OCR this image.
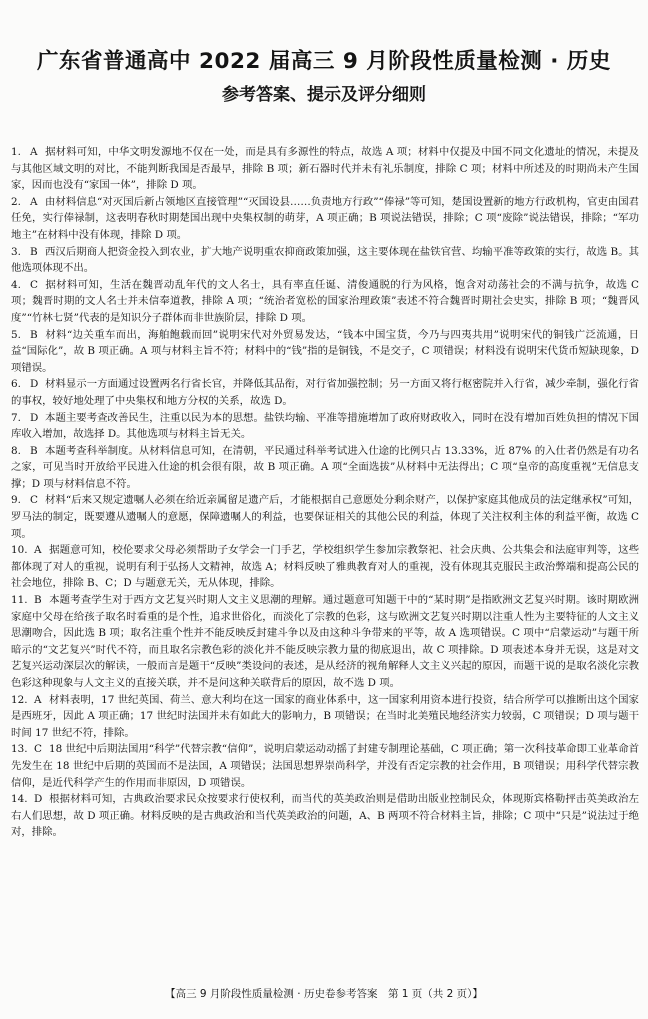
广东省普通高中 2022 届高三 9 月阶段性质量检测 · 历史
参考答案、提示及评分细则

1. A 据材料可知，中华文明发源地不仅在一处，而是具有多源性的特点，故选 A 项；材料中仅提及中国不同文化遗址的情况，未提及与其他区域文明的对比，不能判断我国是否最早，排除 B 项；新石器时代并未有礼乐制度，排除 C 项；材料中所述及的时期尚未产生国家，因而也没有“家国一体”，排除 D 项。

2. A 由材料信息“对灭国后新占领地区直接管理”“灭国设县……负责地方行政”“俸禄”等可知，楚国设置新的地方行政机构，官吏由国君任免，实行俸禄制，这表明春秋时期楚国出现中央集权制的萌芽，A 项正确；B 项说法错误，排除；C 项“废除”说法错误，排除；“军功地主”在材料中没有体现，排除 D 项。

3. B 西汉后期商人把资金投入到农业，扩大地产说明重农抑商政策加强，这主要体现在盐铁官营、均输平准等政策的实行，故选 B。其他选项体现不出。

4. C 据材料可知，生活在魏晋动乱年代的文人名士，具有率直任诞、清俊通脱的行为风格，饱含对动荡社会的不满与抗争，故选 C 项；魏晋时期的文人名士并未信奉道教，排除 A 项；“统治者宽松的国家治理政策”表述不符合魏晋时期社会史实，排除 B 项；“魏晋风度”“竹林七贤”代表的是知识分子群体而非世族阶层，排除 D 项。

5. B 材料“边关重车而出，海舶飽载而回”说明宋代对外贸易发达，“钱本中国宝货，今乃与四夷共用”说明宋代的铜钱广泛流通，日益“国际化”，故 B 项正确。A 项与材料主旨不符；材料中的“钱”指的是铜钱，不是交子，C 项错误；材料没有说明宋代货币短缺现象，D 项错误。

6. D 材料显示一方面通过设置两名行省长官，并降低其品衔，对行省加强控制；另一方面又将行枢密院并入行省，减少牵制，强化行省的事权，较好地处理了中央集权和地方分权的关系，故选 D。

7. D 本题主要考查改善民生，注重以民为本的思想。盐铁均输、平准等措施增加了政府财政收入，同时在没有增加百姓负担的情况下国库收入增加，故选择 D。其他选项与材料主旨无关。

8. B 本题考查科举制度。从材料信息可知，在清朝，平民通过科举考试进入仕途的比例只占 13.33%，近 87% 的入仕者仍然是有功名之家，可见当时开放给平民进入仕途的机会很有限，故 B 项正确。A 项“全面选拔”从材料中无法得出；C 项“皇帝的高度重视”无信息支撑；D 项与材料信息不符。

9. C 材料“后来又规定遗嘱人必须在给近亲属留足遗产后，才能根据自己意愿处分剩余财产，以保护家庭其他成员的法定继承权”可知，罗马法的制定，既要遵从遗嘱人的意愿，保障遗嘱人的利益，也要保证相关的其他公民的利益，体现了关注权利主体的利益平衡，故选 C 项。

10. A 据题意可知，校伦要求父母必须帮助子女学会一门手艺，学校组织学生参加宗教祭祀、社会庆典、公共集会和法庭审判等，这些都体现了对人的重视，说明有利于弘扬人文精神，故选 A；材料反映了雅典教育对人的重视，没有体现其克服民主政治弊端和提高公民的社会地位，排除 B、C；D 与题意无关，无从体现，排除。

11. B 本题考查学生对于西方文艺复兴时期人文主义思潮的理解。通过题意可知题干中的“某时期”是指欧洲文艺复兴时期。该时期欧洲家庭中父母在给孩子取名时看重的是个性，追求世俗化，而淡化了宗教的色彩，这与欧洲文艺复兴时期以注重人性为主要特征的人文主义思潮吻合，因此选 B 项；取名注重个性并不能反映反封建斗争以及由这种斗争带来的平等，故 A 选项错误。C 项中“启蒙运动”与题干所暗示的“文艺复兴”时代不符，而且取名宗教色彩的淡化并不能反映宗教力量的彻底退出，故 C 项排除。D 项表述本身并无误，这是对文艺复兴运动深层次的解读，一般而言是题干“反映”类设问的表述，是从经济的视角解释人文主义兴起的原因，而题干说的是取名淡化宗教色彩这种现象与人文主义的直接关联，并不是问这种关联背后的原因，故不选 D 项。

12. A 材料表明，17 世纪英国、荷兰、意大利均在这一国家的商业体系中，这一国家利用资本进行投资，结合所学可以推断出这个国家是西班牙，因此 A 项正确；17 世纪时法国并未有如此大的影响力，B 项错误；在当时北美殖民地经济实力较弱，C 项错误；D 项与题干时间 17 世纪不符，排除。

13. C 18 世纪中后期法国用“科学”代替宗教“信仰”，说明启蒙运动动摇了封建专制理论基础，C 项正确；第一次科技革命即工业革命首先发生在 18 世纪中后期的英国而不是法国，A 项错误；法国思想界崇尚科学，并没有否定宗教的社会作用，B 项错误；用科学代替宗教信仰，是近代科学产生的作用而非原因，D 项错误。

14. D 根据材料可知，古典政治要求民众按要求行使权利，而当代的英美政治则是借助出版业控制民众，体现斯宾格勒抨击英美政治左右人们思想，故 D 项正确。材料反映的是古典政治和当代英美政治的问题，A、B 两项不符合材料主旨，排除；C 项中“只是”说法过于绝对，排除。

【高三 9 月阶段性质量检测 · 历史卷参考答案　第 1 页（共 2 页）】
